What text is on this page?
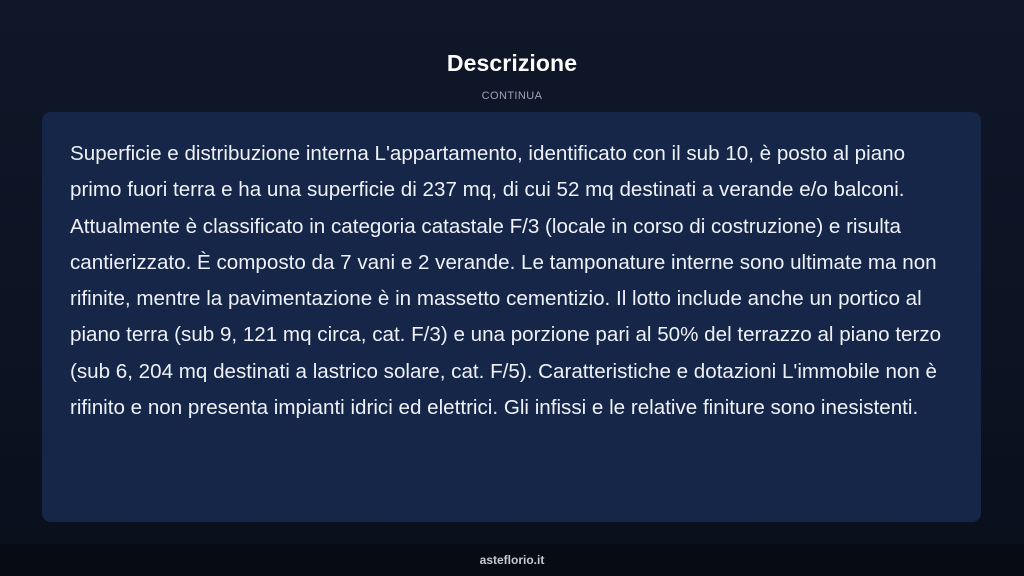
Descrizione
CONTINUA

Superficie e distribuzione interna L'appartamento, identificato con il sub 10, è posto al piano primo fuori terra e ha una superficie di 237 mq, di cui 52 mq destinati a verande e/o balconi. Attualmente è classificato in categoria catastale F/3 (locale in corso di costruzione) e risulta cantierizzato. È composto da 7 vani e 2 verande. Le tamponature interne sono ultimate ma non rifinite, mentre la pavimentazione è in massetto cementizio. Il lotto include anche un portico al piano terra (sub 9, 121 mq circa, cat. F/3) e una porzione pari al 50% del terrazzo al piano terzo (sub 6, 204 mq destinati a lastrico solare, cat. F/5). Caratteristiche e dotazioni L'immobile non è rifinito e non presenta impianti idrici ed elettrici. Gli infissi e le relative finiture sono inesistenti.

asteflorio.it
